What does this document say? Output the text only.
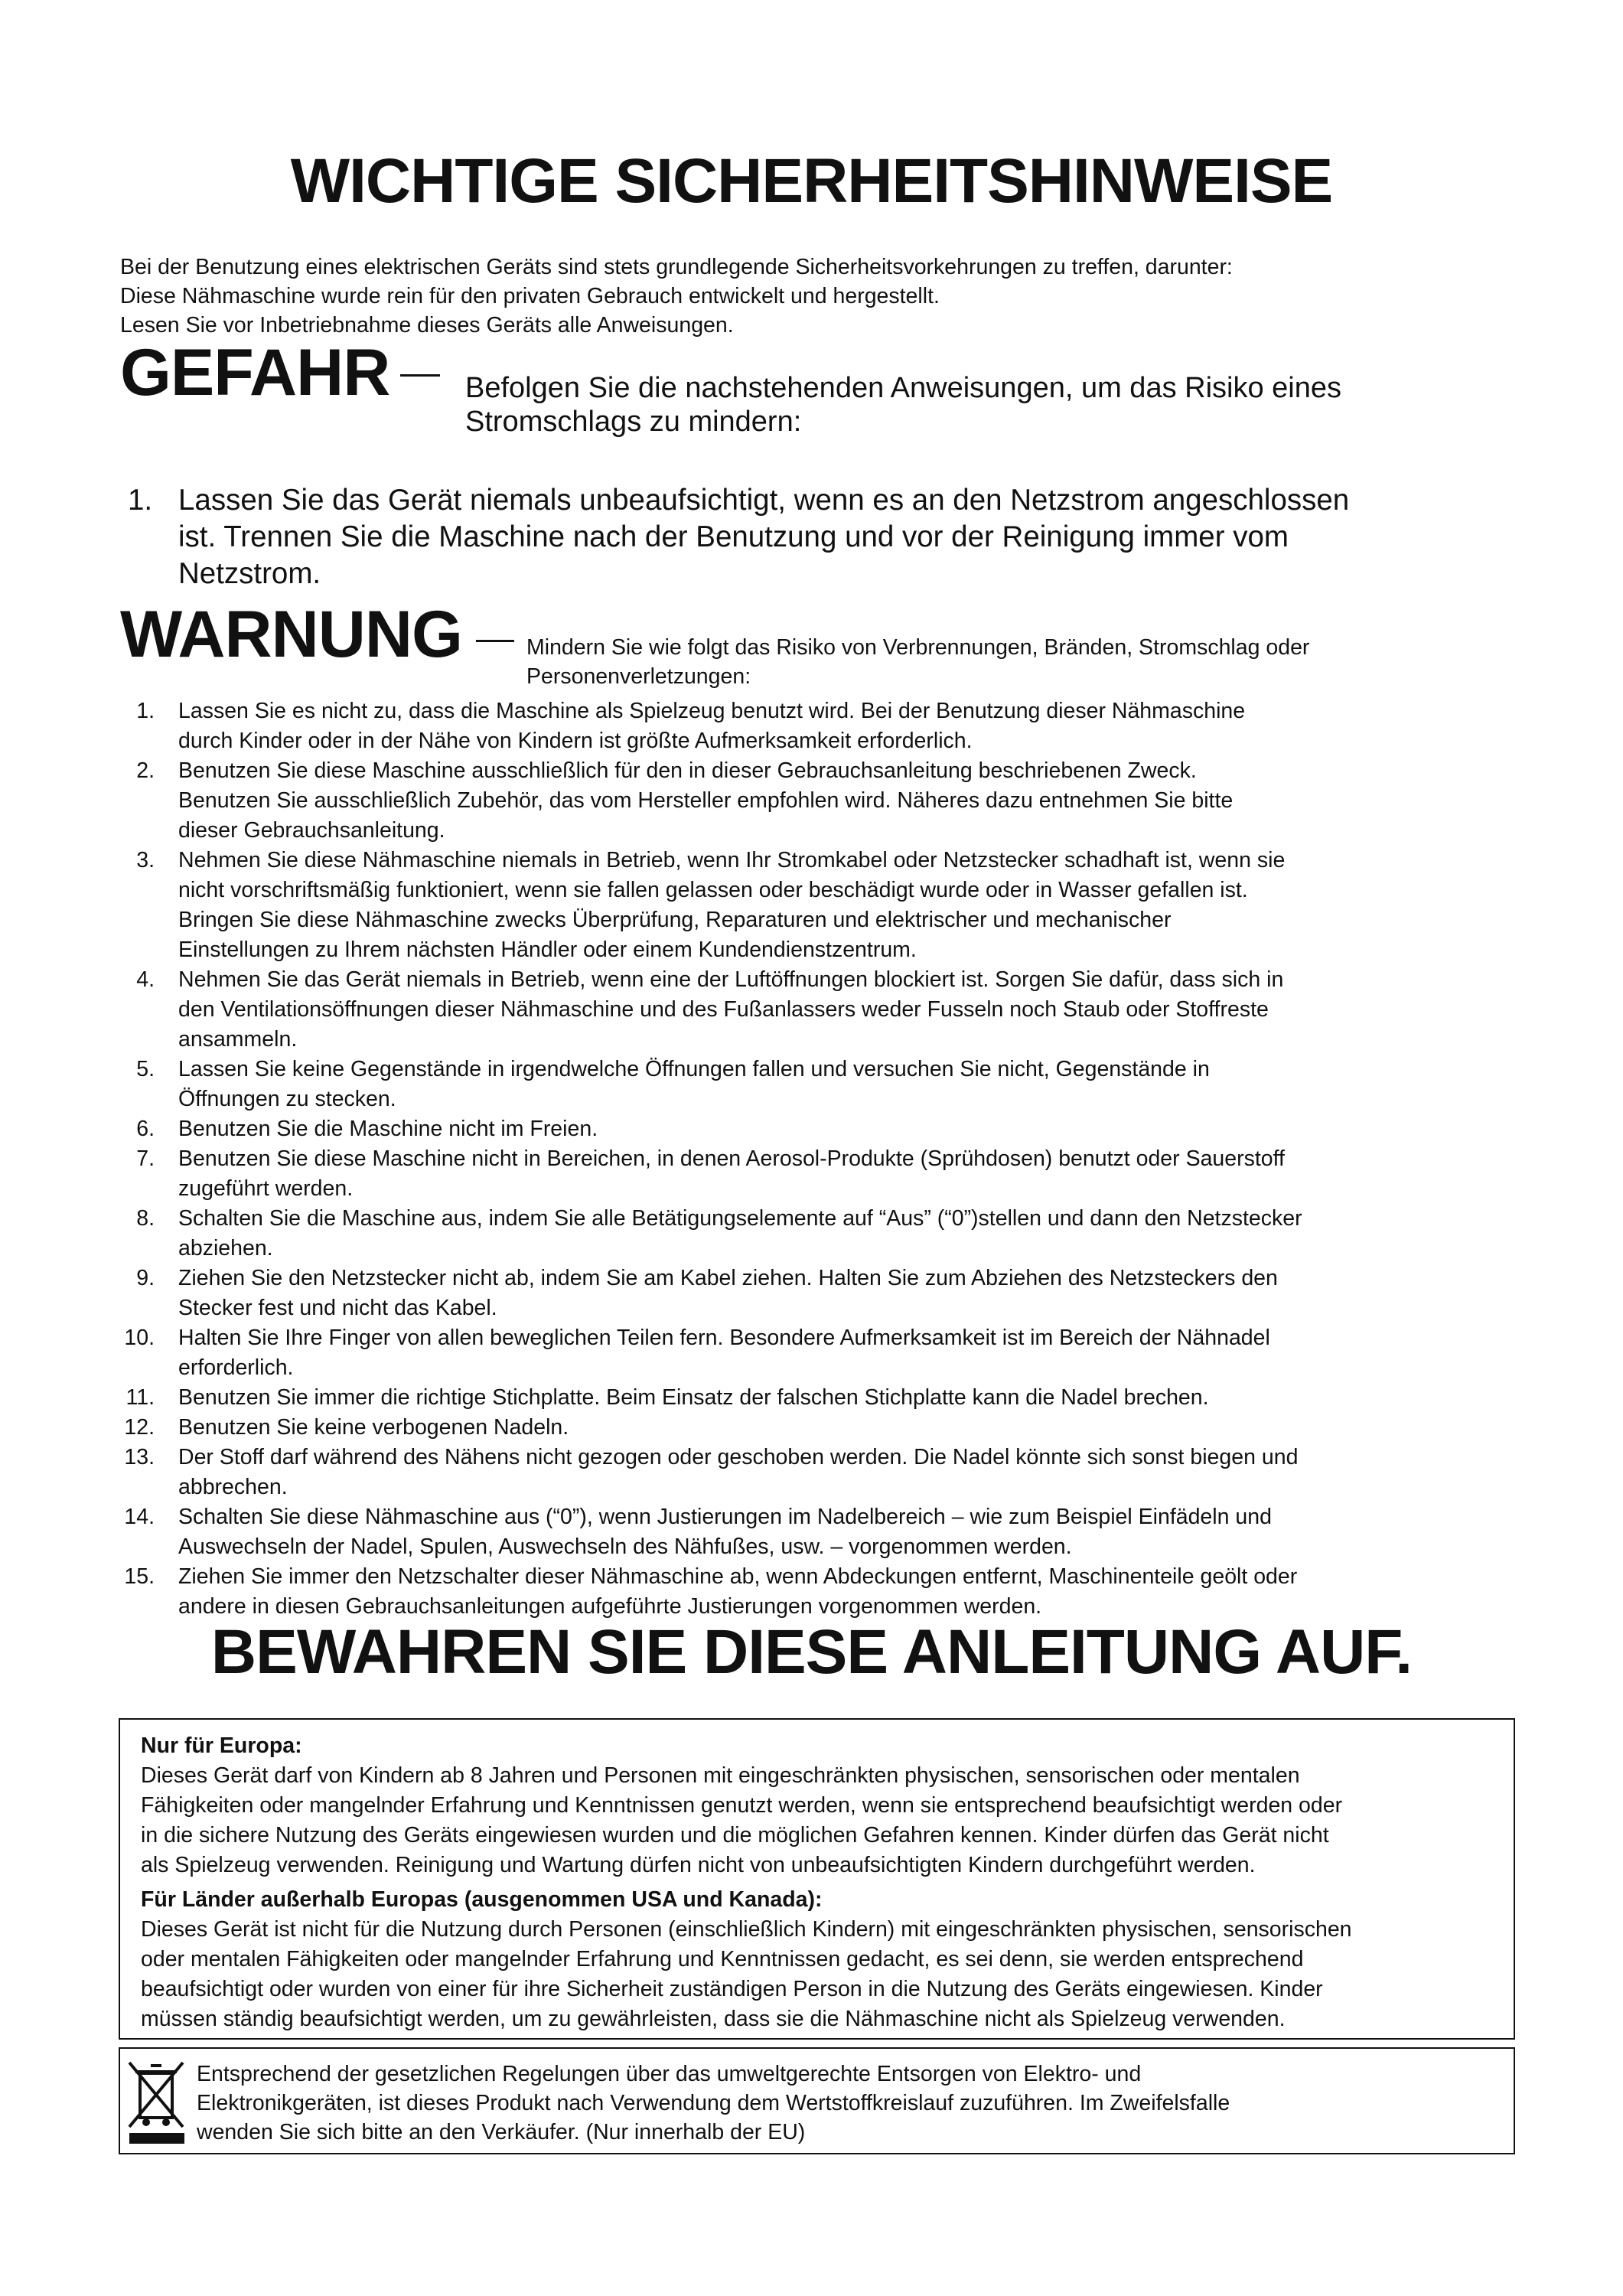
WICHTIGE SICHERHEITSHINWEISE
Bei der Benutzung eines elektrischen Geräts sind stets grundlegende Sicherheitsvorkehrungen zu treffen, darunter:
Diese Nähmaschine wurde rein für den privaten Gebrauch entwickelt und hergestellt.
Lesen Sie vor Inbetriebnahme dieses Geräts alle Anweisungen.
GEFAHR	Befolgen Sie die nachstehenden Anweisungen, um das Risiko eines
Stromschlags zu mindern:
1. Lassen Sie das Gerät niemals unbeaufsichtigt, wenn es an den Netzstrom angeschlossen
ist. Trennen Sie die Maschine nach der Benutzung und vor der Reinigung immer vom
Netzstrom.
WARNUNG	Mindern Sie wie folgt das Risiko von Verbrennungen, Bränden, Stromschlag oder
Personenverletzungen:
1. Lassen Sie es nicht zu, dass die Maschine als Spielzeug benutzt wird. Bei der Benutzung dieser Nähmaschine
durch Kinder oder in der Nähe von Kindern ist größte Aufmerksamkeit erforderlich.
2. Benutzen Sie diese Maschine ausschließlich für den in dieser Gebrauchsanleitung beschriebenen Zweck.
Benutzen Sie ausschließlich Zubehör, das vom Hersteller empfohlen wird. Näheres dazu entnehmen Sie bitte
dieser Gebrauchsanleitung.
3. Nehmen Sie diese Nähmaschine niemals in Betrieb, wenn Ihr Stromkabel oder Netzstecker schadhaft ist, wenn sie
nicht vorschriftsmäßig funktioniert, wenn sie fallen gelassen oder beschädigt wurde oder in Wasser gefallen ist.
Bringen Sie diese Nähmaschine zwecks Überprüfung, Reparaturen und elektrischer und mechanischer
Einstellungen zu Ihrem nächsten Händler oder einem Kundendienstzentrum.
4. Nehmen Sie das Gerät niemals in Betrieb, wenn eine der Luftöffnungen blockiert ist. Sorgen Sie dafür, dass sich in
den Ventilationsöffnungen dieser Nähmaschine und des Fußanlassers weder Fusseln noch Staub oder Stoffreste
ansammeln.
5. Lassen Sie keine Gegenstände in irgendwelche Öffnungen fallen und versuchen Sie nicht, Gegenstände in
Öffnungen zu stecken.
6. Benutzen Sie die Maschine nicht im Freien.
7. Benutzen Sie diese Maschine nicht in Bereichen, in denen Aerosol-Produkte (Sprühdosen) benutzt oder Sauerstoff
zugeführt werden.
8. Schalten Sie die Maschine aus, indem Sie alle Betätigungselemente auf “Aus” (“0”)stellen und dann den Netzstecker
abziehen.
9. Ziehen Sie den Netzstecker nicht ab, indem Sie am Kabel ziehen. Halten Sie zum Abziehen des Netzsteckers den
Stecker fest und nicht das Kabel.
10. Halten Sie Ihre Finger von allen beweglichen Teilen fern. Besondere Aufmerksamkeit ist im Bereich der Nähnadel
erforderlich.
11. Benutzen Sie immer die richtige Stichplatte. Beim Einsatz der falschen Stichplatte kann die Nadel brechen.
12. Benutzen Sie keine verbogenen Nadeln.
13. Der Stoff darf während des Nähens nicht gezogen oder geschoben werden. Die Nadel könnte sich sonst biegen und
abbrechen.
14. Schalten Sie diese Nähmaschine aus (“0”), wenn Justierungen im Nadelbereich – wie zum Beispiel Einfädeln und
Auswechseln der Nadel, Spulen, Auswechseln des Nähfußes, usw. – vorgenommen werden.
15. Ziehen Sie immer den Netzschalter dieser Nähmaschine ab, wenn Abdeckungen entfernt, Maschinenteile geölt oder
andere in diesen Gebrauchsanleitungen aufgeführte Justierungen vorgenommen werden.
BEWAHREN SIE DIESE ANLEITUNG AUF.
Nur für Europa:
Dieses Gerät darf von Kindern ab 8 Jahren und Personen mit eingeschränkten physischen, sensorischen oder mentalen
Fähigkeiten oder mangelnder Erfahrung und Kenntnissen genutzt werden, wenn sie entsprechend beaufsichtigt werden oder
in die sichere Nutzung des Geräts eingewiesen wurden und die möglichen Gefahren kennen. Kinder dürfen das Gerät nicht
als Spielzeug verwenden. Reinigung und Wartung dürfen nicht von unbeaufsichtigten Kindern durchgeführt werden.
Für Länder außerhalb Europas (ausgenommen USA und Kanada):
Dieses Gerät ist nicht für die Nutzung durch Personen (einschließlich Kindern) mit eingeschränkten physischen, sensorischen
oder mentalen Fähigkeiten oder mangelnder Erfahrung und Kenntnissen gedacht, es sei denn, sie werden entsprechend
beaufsichtigt oder wurden von einer für ihre Sicherheit zuständigen Person in die Nutzung des Geräts eingewiesen. Kinder
müssen ständig beaufsichtigt werden, um zu gewährleisten, dass sie die Nähmaschine nicht als Spielzeug verwenden.
Entsprechend der gesetzlichen Regelungen über das umweltgerechte Entsorgen von Elektro- und
Elektronikgeräten, ist dieses Produkt nach Verwendung dem Wertstoffkreislauf zuzuführen. Im Zweifelsfalle
wenden Sie sich bitte an den Verkäufer. (Nur innerhalb der EU)
